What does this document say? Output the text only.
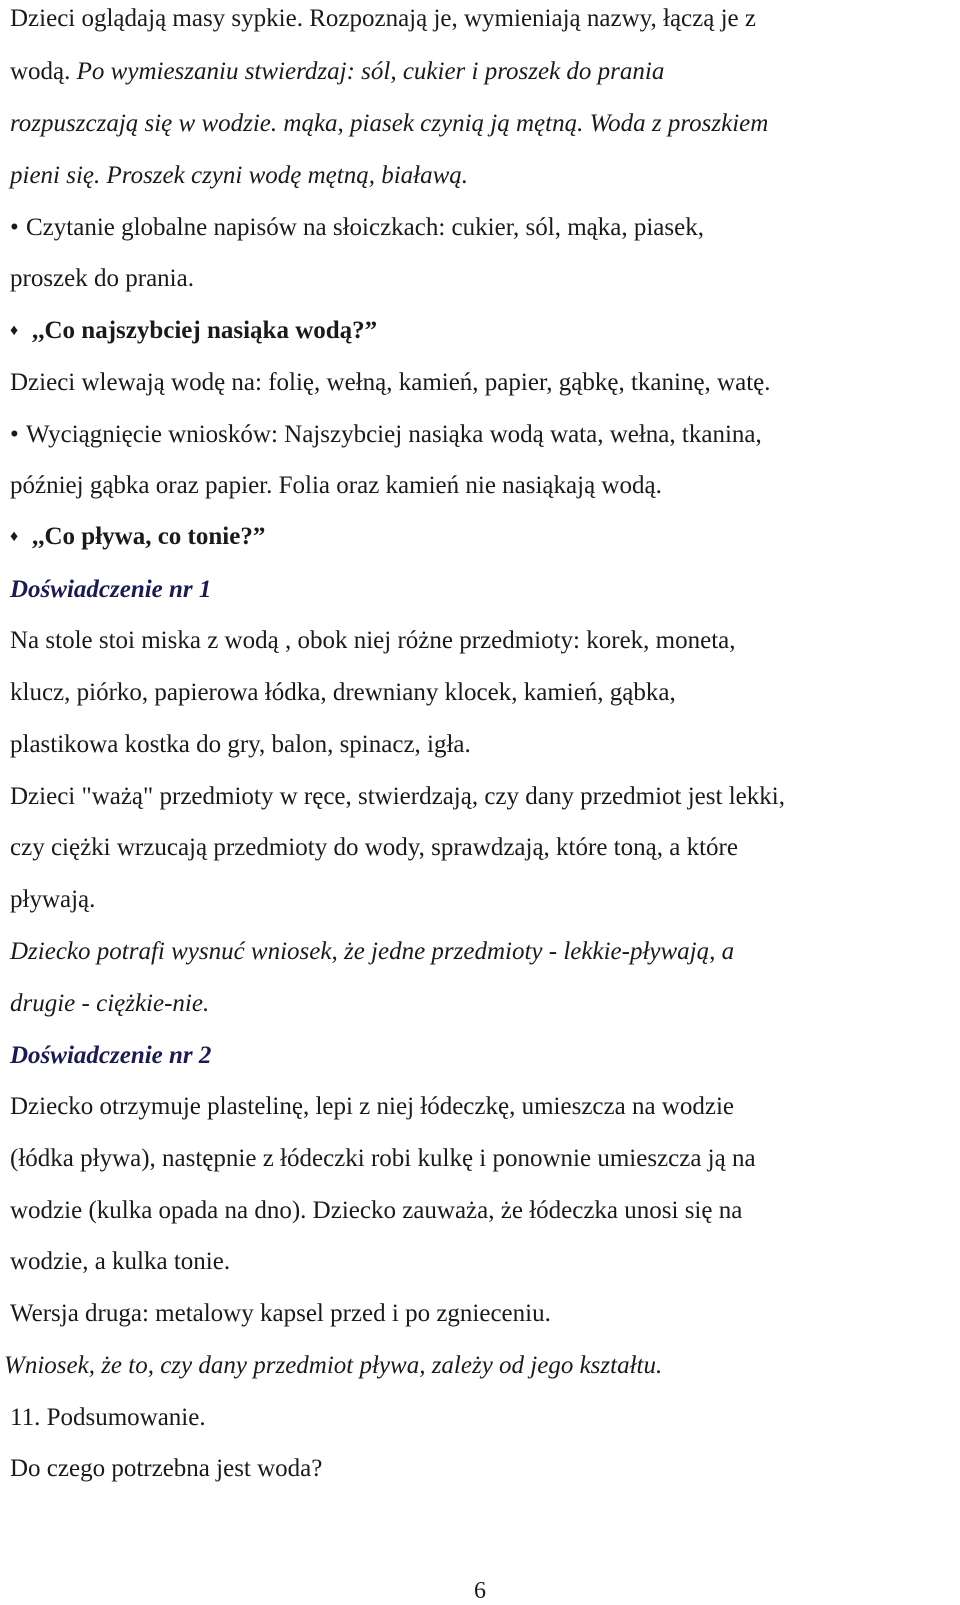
Dzieci oglądają masy sypkie. Rozpoznają je, wymieniają nazwy, łączą je z
wodą. Po wymieszaniu stwierdzaj: sól, cukier i proszek do prania
rozpuszczają się w wodzie. mąka, piasek czynią ją mętną. Woda z proszkiem
pieni się. Proszek czyni wodę mętną, białawą.
• Czytanie globalne napisów na słoiczkach: cukier, sól, mąka, piasek,
proszek do prania.
♦ ,,Co najszybciej nasiąka wodą?”
Dzieci wlewają wodę na: folię, wełną, kamień, papier, gąbkę, tkaninę, watę.
• Wyciągnięcie wniosków: Najszybciej nasiąka wodą wata, wełna, tkanina,
później gąbka oraz papier. Folia oraz kamień nie nasiąkają wodą.
♦ ,,Co pływa, co tonie?”
Doświadczenie nr 1
Na stole stoi miska z wodą , obok niej różne przedmioty: korek, moneta,
klucz, piórko, papierowa łódka, drewniany klocek, kamień, gąbka,
plastikowa kostka do gry, balon, spinacz, igła.
Dzieci "ważą" przedmioty w ręce, stwierdzają, czy dany przedmiot jest lekki,
czy ciężki wrzucają przedmioty do wody, sprawdzają, które toną, a które
pływają.
Dziecko potrafi wysnuć wniosek, że jedne przedmioty - lekkie-pływają, a
drugie - ciężkie-nie.
Doświadczenie nr 2
Dziecko otrzymuje plastelinę, lepi z niej łódeczkę, umieszcza na wodzie
(łódka pływa), następnie z łódeczki robi kulkę i ponownie umieszcza ją na
wodzie (kulka opada na dno). Dziecko zauważa, że łódeczka unosi się na
wodzie, a kulka tonie.
Wersja druga: metalowy kapsel przed i po zgnieceniu.
Wniosek, że to, czy dany przedmiot pływa, zależy od jego kształtu.
11. Podsumowanie.
Do czego potrzebna jest woda?
6
